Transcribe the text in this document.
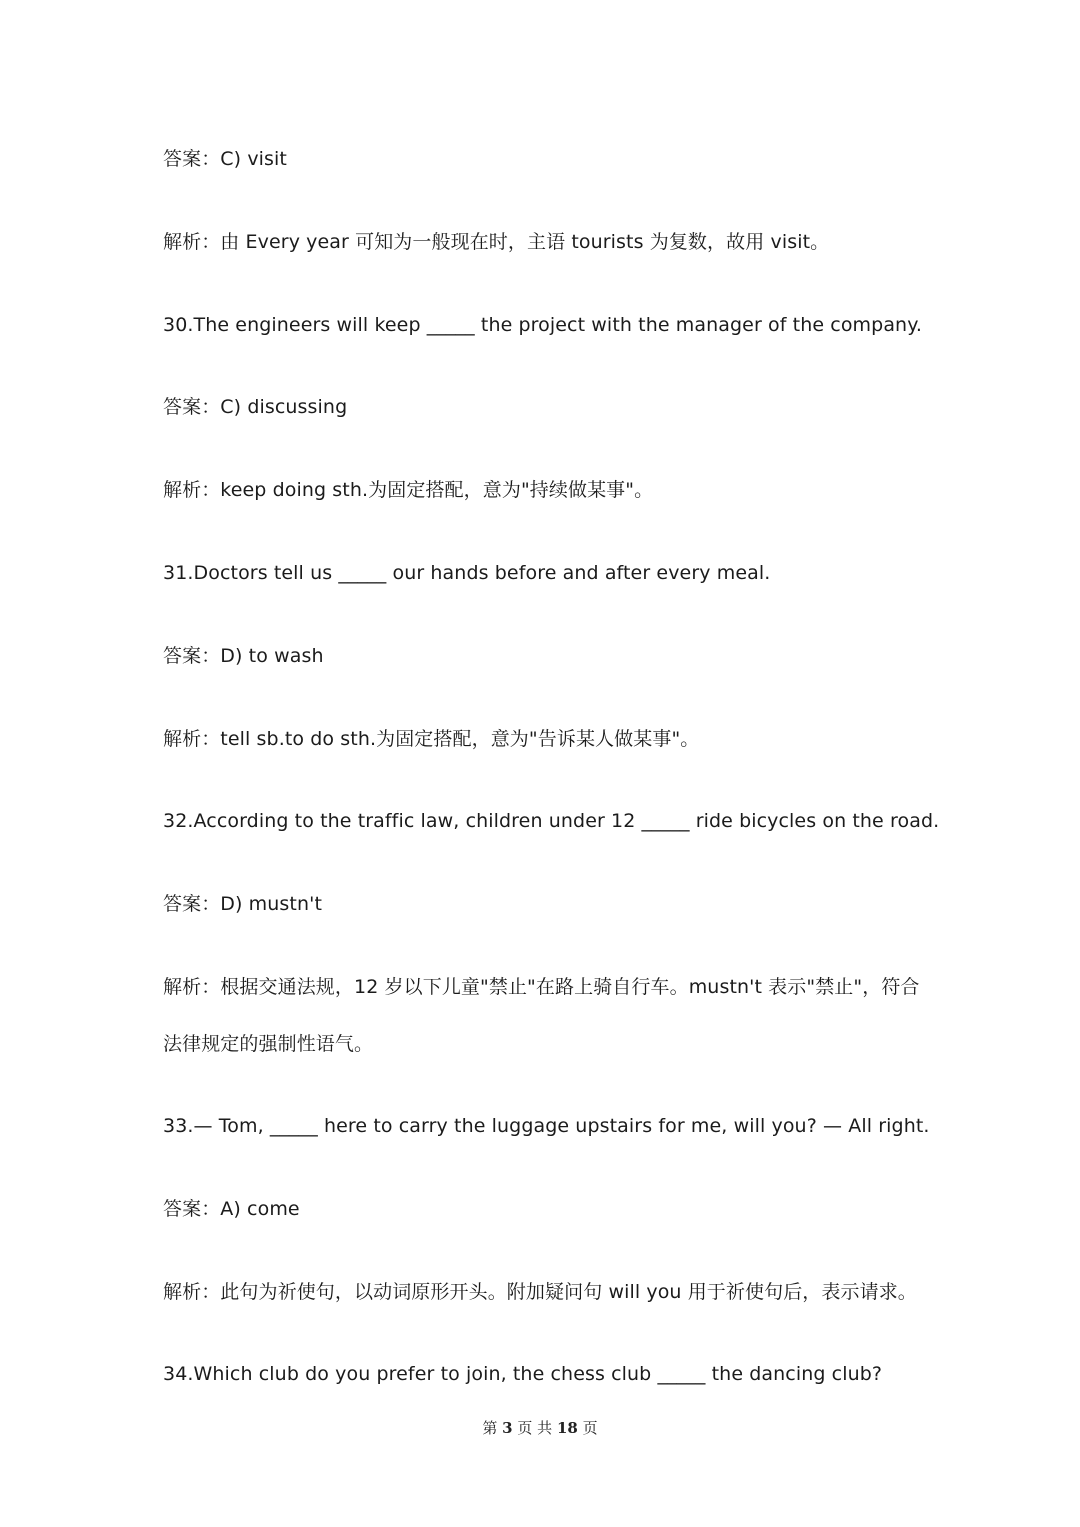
答案：C) visit
解析：由 Every year 可知为一般现在时，主语 tourists 为复数，故用 visit。
30.The engineers will keep _____ the project with the manager of the company.
答案：C) discussing
解析：keep doing sth.为固定搭配，意为"持续做某事"。
31.Doctors tell us _____ our hands before and after every meal.
答案：D) to wash
解析：tell sb.to do sth.为固定搭配，意为"告诉某人做某事"。
32.According to the traffic law, children under 12 _____ ride bicycles on the road.
答案：D) mustn't
解析：根据交通法规，12 岁以下儿童"禁止"在路上骑自行车。mustn't 表示"禁止"，符合
法律规定的强制性语气。
33.— Tom, _____ here to carry the luggage upstairs for me, will you? — All right.
答案：A) come
解析：此句为祈使句，以动词原形开头。附加疑问句 will you 用于祈使句后，表示请求。
34.Which club do you prefer to join, the chess club _____ the dancing club?
第 3 页 共 18 页
